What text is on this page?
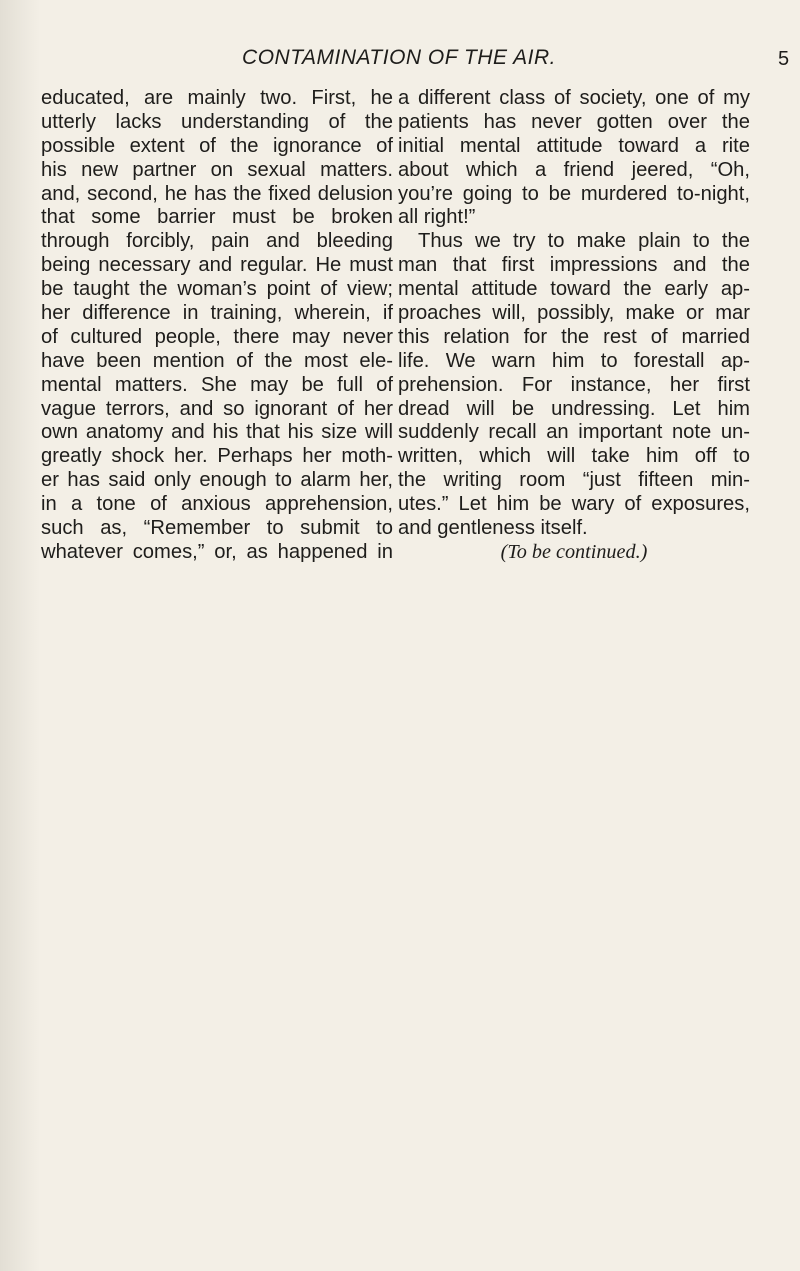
CONTAMINATION OF THE AIR.	5
educated, are mainly two. First, he
utterly lacks understanding of the
possible extent of the ignorance of
his new partner on sexual matters.
and, second, he has the fixed delusion
that some barrier must be broken
through forcibly, pain and bleeding
being necessary and regular. He must
be taught the woman’s point of view;
her difference in training, wherein, if
of cultured people, there may never
have been mention of the most ele-
mental matters. She may be full of
vague terrors, and so ignorant of her
own anatomy and his that his size will
greatly shock her. Perhaps her moth-
er has said only enough to alarm her,
in a tone of anxious apprehension,
such as, “Remember to submit to
whatever comes,” or, as happened in
a different class of society, one of my
patients has never gotten over the
initial mental attitude toward a rite
about which a friend jeered, “Oh,
you’re going to be murdered to-night,
all right!”
Thus we try to make plain to the
man that first impressions and the
mental attitude toward the early ap-
proaches will, possibly, make or mar
this relation for the rest of married
life. We warn him to forestall ap-
prehension. For instance, her first
dread will be undressing. Let him
suddenly recall an important note un-
written, which will take him off to
the writing room “just fifteen min-
utes.” Let him be wary of exposures,
and gentleness itself.
(To be continued.)
